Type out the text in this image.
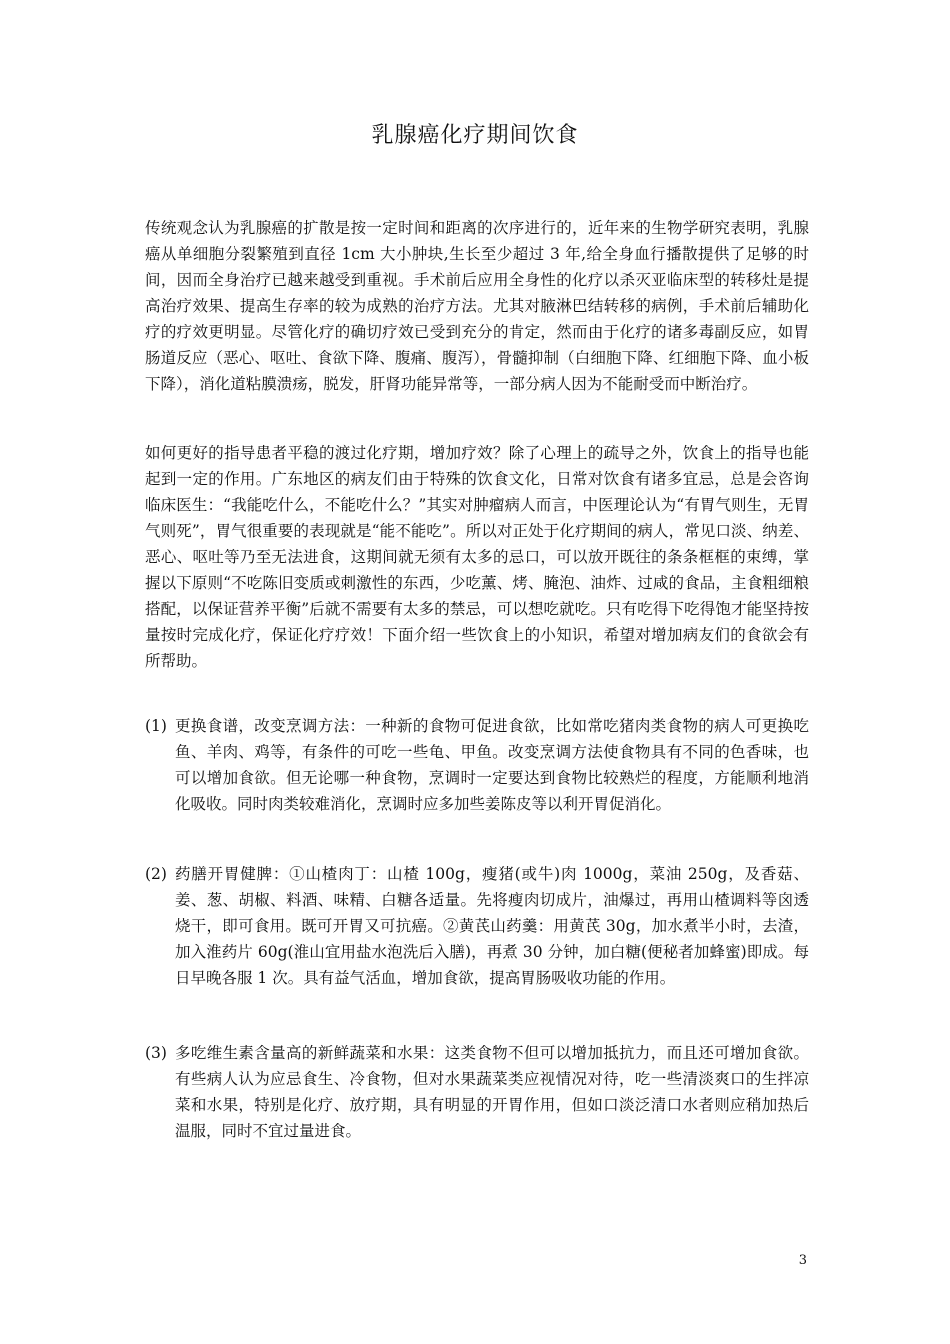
乳腺癌化疗期间饮食

传统观念认为乳腺癌的扩散是按一定时间和距离的次序进行的，近年来的生物学研究表明，乳腺癌从单细胞分裂繁殖到直径 1cm 大小肿块,生长至少超过 3 年,给全身血行播散提供了足够的时间，因而全身治疗已越来越受到重视。手术前后应用全身性的化疗以杀灭亚临床型的转移灶是提高治疗效果、提高生存率的较为成熟的治疗方法。尤其对腋淋巴结转移的病例，手术前后辅助化疗的疗效更明显。尽管化疗的确切疗效已受到充分的肯定，然而由于化疗的诸多毒副反应，如胃肠道反应（恶心、呕吐、食欲下降、腹痛、腹泻），骨髓抑制（白细胞下降、红细胞下降、血小板下降），消化道粘膜溃疡，脱发，肝肾功能异常等，一部分病人因为不能耐受而中断治疗。

如何更好的指导患者平稳的渡过化疗期，增加疗效？除了心理上的疏导之外，饮食上的指导也能起到一定的作用。广东地区的病友们由于特殊的饮食文化，日常对饮食有诸多宜忌，总是会咨询临床医生：“我能吃什么，不能吃什么？”其实对肿瘤病人而言，中医理论认为“有胃气则生，无胃气则死”，胃气很重要的表现就是“能不能吃”。所以对正处于化疗期间的病人，常见口淡、纳差、恶心、呕吐等乃至无法进食，这期间就无须有太多的忌口，可以放开既往的条条框框的束缚，掌握以下原则“不吃陈旧变质或刺激性的东西，少吃薰、烤、腌泡、油炸、过咸的食品，主食粗细粮搭配，以保证营养平衡”后就不需要有太多的禁忌，可以想吃就吃。只有吃得下吃得饱才能坚持按量按时完成化疗，保证化疗疗效！下面介绍一些饮食上的小知识，希望对增加病友们的食欲会有所帮助。

(1) 更换食谱，改变烹调方法：一种新的食物可促进食欲，比如常吃猪肉类食物的病人可更换吃鱼、羊肉、鸡等，有条件的可吃一些龟、甲鱼。改变烹调方法使食物具有不同的色香味，也可以增加食欲。但无论哪一种食物，烹调时一定要达到食物比较熟烂的程度，方能顺利地消化吸收。同时肉类较难消化，烹调时应多加些姜陈皮等以利开胃促消化。
(2) 药膳开胃健脾：①山楂肉丁：山楂 100g，瘦猪(或牛)肉 1000g，菜油 250g，及香菇、姜、葱、胡椒、料酒、味精、白糖各适量。先将瘦肉切成片，油爆过，再用山楂调料等囟透烧干，即可食用。既可开胃又可抗癌。②黄芪山药羹：用黄芪 30g，加水煮半小时，去渣，加入淮药片 60g(淮山宜用盐水泡洗后入膳)，再煮 30 分钟，加白糖(便秘者加蜂蜜)即成。每日早晚各服 1 次。具有益气活血，增加食欲，提高胃肠吸收功能的作用。
(3) 多吃维生素含量高的新鲜蔬菜和水果：这类食物不但可以增加抵抗力，而且还可增加食欲。有些病人认为应忌食生、冷食物，但对水果蔬菜类应视情况对待，吃一些清淡爽口的生拌凉菜和水果，特别是化疗、放疗期，具有明显的开胃作用，但如口淡泛清口水者则应稍加热后温服，同时不宜过量进食。
3
